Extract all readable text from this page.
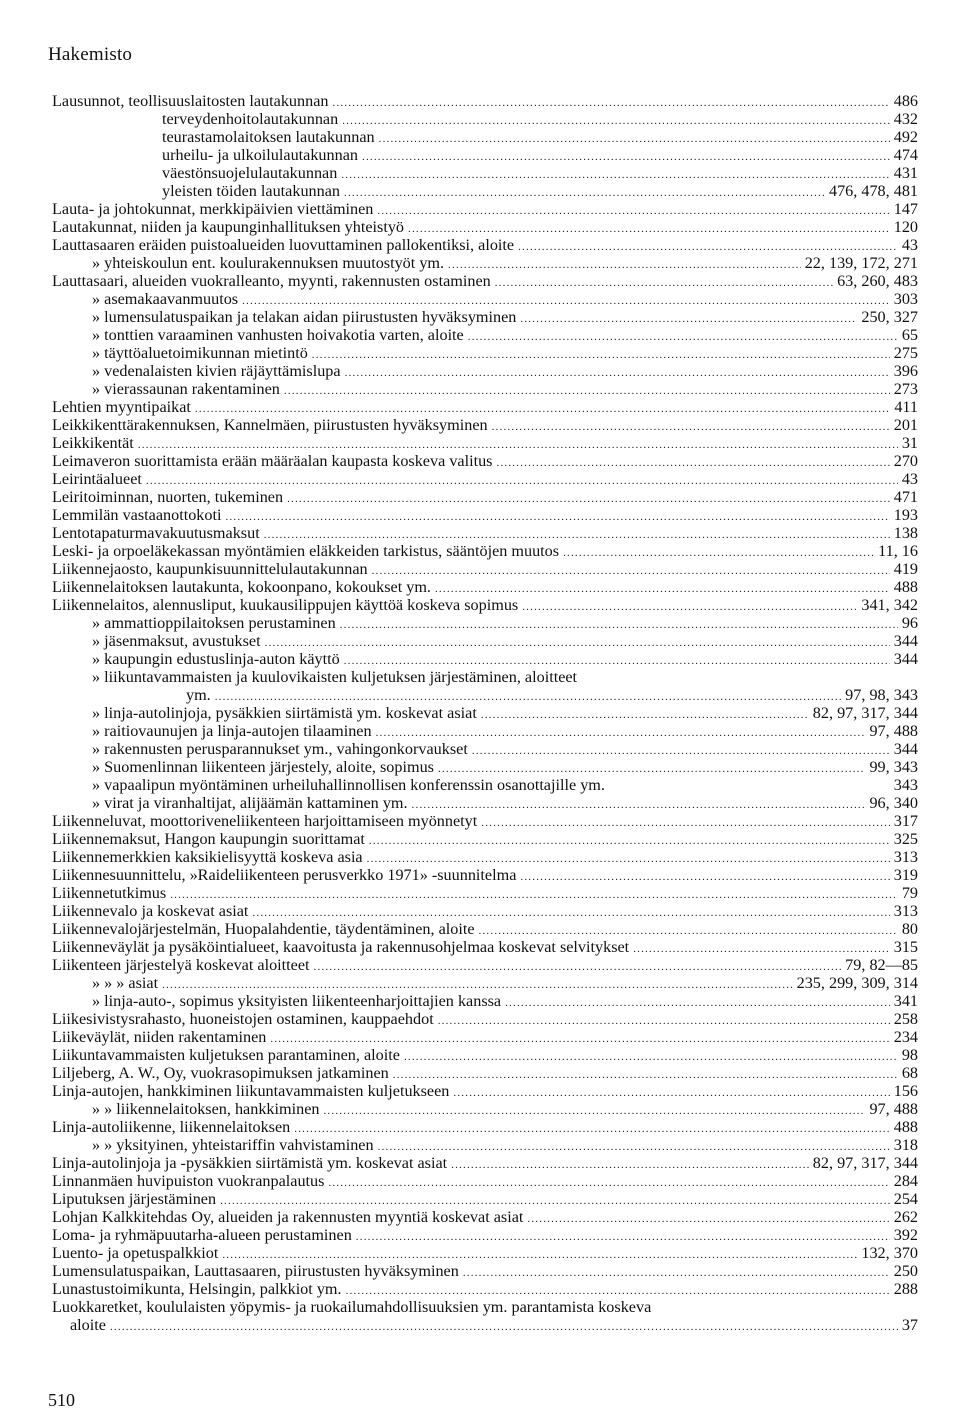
Hakemisto
Lausunnot, teollisuuslaitosten lautakunnan .....	486
terveydenhoitolautakunnan .....	432
teurastamolaitoksen lautakunnan .....	492
urheilu- ja ulkoilulautakunnan .....	474
väestönsuojelulautakunnan .....	431
yleisten töiden lautakunnan .....	476, 478, 481
Lauta- ja johtokunnat, merkkipäivien viettäminen .....	147
Lautakunnat, niiden ja kaupunginhallituksen yhteistyö .....	120
Lauttasaaren eräiden puistoalueiden luovuttaminen pallokentiksi, aloite .....	43
» yhteiskoulun ent. koulurakennuksen muutostyöt ym. .....	22, 139, 172, 271
Lauttasaari, alueiden vuokralleanto, myynti, rakennusten ostaminen .....	63, 260, 483
» asemakaavanmuutos .....	303
» lumensulatuspaikan ja telakan aidan piirustusten hyväksyminen .....	250, 327
» tonttien varaaminen vanhusten hoivakotia varten, aloite .....	65
» täyttöaluetoimikunnan mietintö .....	275
» vedenalaisten kivien räjäyttämislupa .....	396
» vierassaunan rakentaminen .....	273
Lehtien myyntipaikat .....	411
Leikkikenttärakennuksen, Kannelmäen, piirustusten hyväksyminen .....	201
Leikkikentät .....	31
Leimaveron suorittamista erään määräalan kaupasta koskeva valitus .....	270
Leirintäalueet .....	43
Leiritoiminnan, nuorten, tukeminen .....	471
Lemmilän vastaanottokoti .....	193
Lentotapaturmavakuutusmaksut .....	138
Leski- ja orpoeläkekassan myöntämien eläkkeiden tarkistus, sääntöjen muutos .....	11, 16
Liikennejaosto, kaupunkisuunnittelulautakunnan .....	419
Liikennelaitoksen lautakunta, kokoonpano, kokoukset ym. .....	488
Liikennelaitos, alennusliput, kuukausilippujen käyttöä koskeva sopimus .....	341, 342
» ammattioppilaitoksen perustaminen .....	96
» jäsenmaksut, avustukset .....	344
» kaupungin edustuslinja-auton käyttö .....	344
» liikuntavammaisten ja kuulovikaisten kuljetuksen järjestäminen, aloitteet
ym. .....	97, 98, 343
» linja-autolinjoja, pysäkkien siirtämistä ym. koskevat asiat .....	82, 97, 317, 344
» raitiovaunujen ja linja-autojen tilaaminen .....	97, 488
» rakennusten perusparannukset ym., vahingonkorvaukset .....	344
» Suomenlinnan liikenteen järjestely, aloite, sopimus .....	99, 343
» vapaalipun myöntäminen urheiluhallinnollisen konferenssin osanottajille ym.	343
» virat ja viranhaltijat, alijäämän kattaminen ym. .....	96, 340
Liikenneluvat, moottoriveneliikenteen harjoittamiseen myönnetyt .....	317
Liikennemaksut, Hangon kaupungin suorittamat .....	325
Liikennemerkkien kaksikielisyyttä koskeva asia .....	313
Liikennesuunnittelu, »Raideliikenteen perusverkko 1971» -suunnitelma .....	319
Liikennetutkimus .....	79
Liikennevalo ja koskevat asiat .....	313
Liikennevalojärjestelmän, Huopalahdentie, täydentäminen, aloite .....	80
Liikenneväylät ja pysäköintialueet, kaavoitusta ja rakennusohjelmaa koskevat selvitykset .....	315
Liikenteen järjestelyä koskevat aloitteet .....	79, 82—85
» » » asiat .....	235, 299, 309, 314
» linja-auto-, sopimus yksityisten liikenteenharjoittajien kanssa .....	341
Liikesivistysrahasto, huoneistojen ostaminen, kauppaehdot .....	258
Liikeväylät, niiden rakentaminen .....	234
Liikuntavammaisten kuljetuksen parantaminen, aloite .....	98
Liljeberg, A. W., Oy, vuokrasopimuksen jatkaminen .....	68
Linja-autojen, hankkiminen liikuntavammaisten kuljetukseen .....	156
» » liikennelaitoksen, hankkiminen .....	97, 488
Linja-autoliikenne, liikennelaitoksen .....	488
» » yksityinen, yhteistariffin vahvistaminen .....	318
Linja-autolinjoja ja -pysäkkien siirtämistä ym. koskevat asiat .....	82, 97, 317, 344
Linnanmäen huvipuiston vuokranpalautus .....	284
Liputuksen järjestäminen .....	254
Lohjan Kalkkitehdas Oy, alueiden ja rakennusten myyntiä koskevat asiat .....	262
Loma- ja ryhmäpuutarha-alueen perustaminen .....	392
Luento- ja opetuspalkkiot .....	132, 370
Lumensulatuspaikan, Lauttasaaren, piirustusten hyväksyminen .....	250
Lunastustoimikunta, Helsingin, palkkiot ym. .....	288
Luokkaretket, koululaisten yöpymis- ja ruokailumahdollisuuksien ym. parantamista koskeva
aloite .....	37
510
